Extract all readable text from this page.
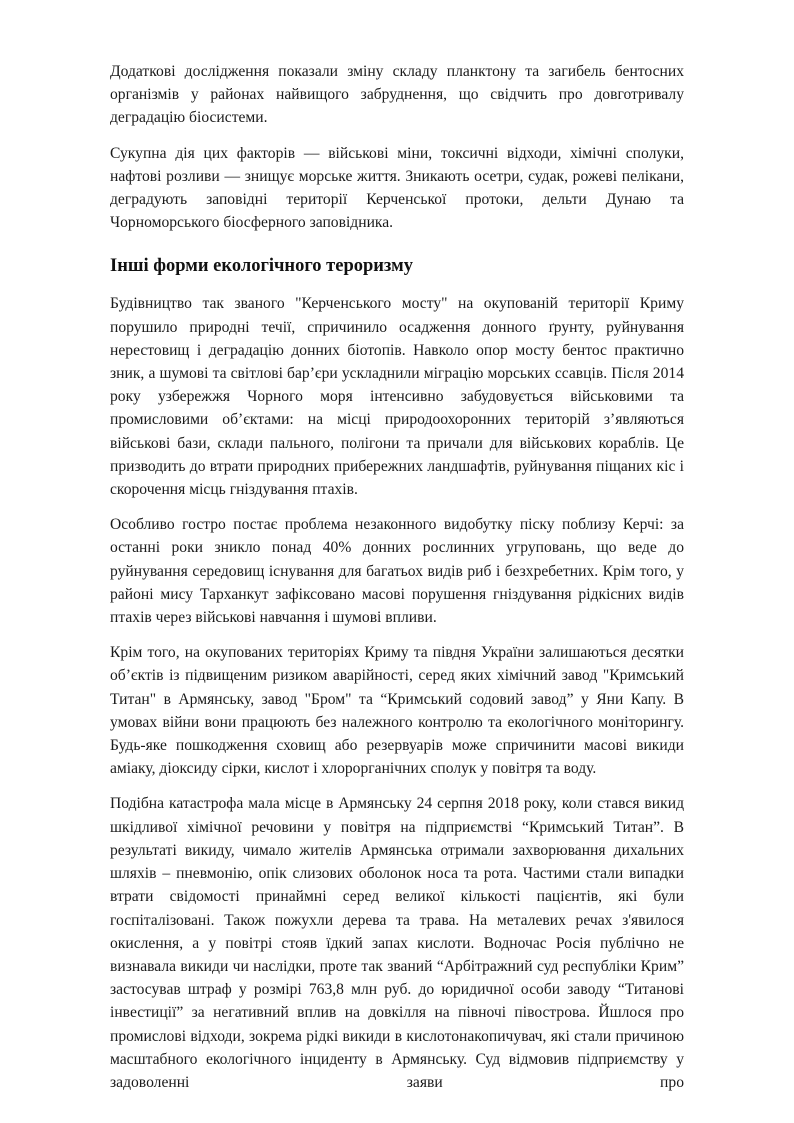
Додаткові дослідження показали зміну складу планктону та загибель бентосних організмів у районах найвищого забруднення, що свідчить про довготривалу деградацію біосистеми.

Сукупна дія цих факторів — військові міни, токсичні відходи, хімічні сполуки, нафтові розливи — знищує морське життя. Зникають осетри, судак, рожеві пелікани, деградують заповідні території Керченської протоки, дельти Дунаю та Чорноморського біосферного заповідника.

Інші форми екологічного тероризму

Будівництво так званого "Керченського мосту" на окупованій території Криму порушило природні течії, спричинило осадження донного ґрунту, руйнування нерестовищ і деградацію донних біотопів. Навколо опор мосту бентос практично зник, а шумові та світлові бар’єри ускладнили міграцію морських ссавців. Після 2014 року узбережжя Чорного моря інтенсивно забудовується військовими та промисловими об’єктами: на місці природоохоронних територій з’являються військові бази, склади пального, полігони та причали для військових кораблів. Це призводить до втрати природних прибережних ландшафтів, руйнування піщаних кіс і скорочення місць гніздування птахів.

Особливо гостро постає проблема незаконного видобутку піску поблизу Керчі: за останні роки зникло понад 40% донних рослинних угруповань, що веде до руйнування середовищ існування для багатьох видів риб і безхребетних. Крім того, у районі мису Тарханкут зафіксовано масові порушення гніздування рідкісних видів птахів через військові навчання і шумові впливи.

Крім того, на окупованих територіях Криму та півдня України залишаються десятки об’єктів із підвищеним ризиком аварійності, серед яких хімічний завод "Кримський Титан" в Армянську, завод "Бром" та “Кримський содовий завод” у Яни Капу. В умовах війни вони працюють без належного контролю та екологічного моніторингу. Будь-яке пошкодження сховищ або резервуарів може спричинити масові викиди аміаку, діоксиду сірки, кислот і хлорорганічних сполук у повітря та воду.

Подібна катастрофа мала місце в Армянську 24 серпня 2018 року, коли стався викид шкідливої хімічної речовини у повітря на підприємстві “Кримський Титан”. В результаті викиду, чимало жителів Армянська отримали захворювання дихальних шляхів – пневмонію, опік слизових оболонок носа та рота. Частими стали випадки втрати свідомості принаймні серед великої кількості пацієнтів, які були госпіталізовані. Також пожухли дерева та трава. На металевих речах з'явилося окислення, а у повітрі стояв їдкий запах кислоти. Водночас Росія публічно не визнавала викиди чи наслідки, проте так званий “Арбітражний суд республіки Крим” застосував штраф у розмірі 763,8 млн руб. до юридичної особи заводу “Титанові інвестиції” за негативний вплив на довкілля на півночі півострова. Йшлося про промислові відходи, зокрема рідкі викиди в кислотонакопичувач, які стали причиною масштабного екологічного інциденту в Армянську. Суд відмовив підприємству у задоволенні заяви про
